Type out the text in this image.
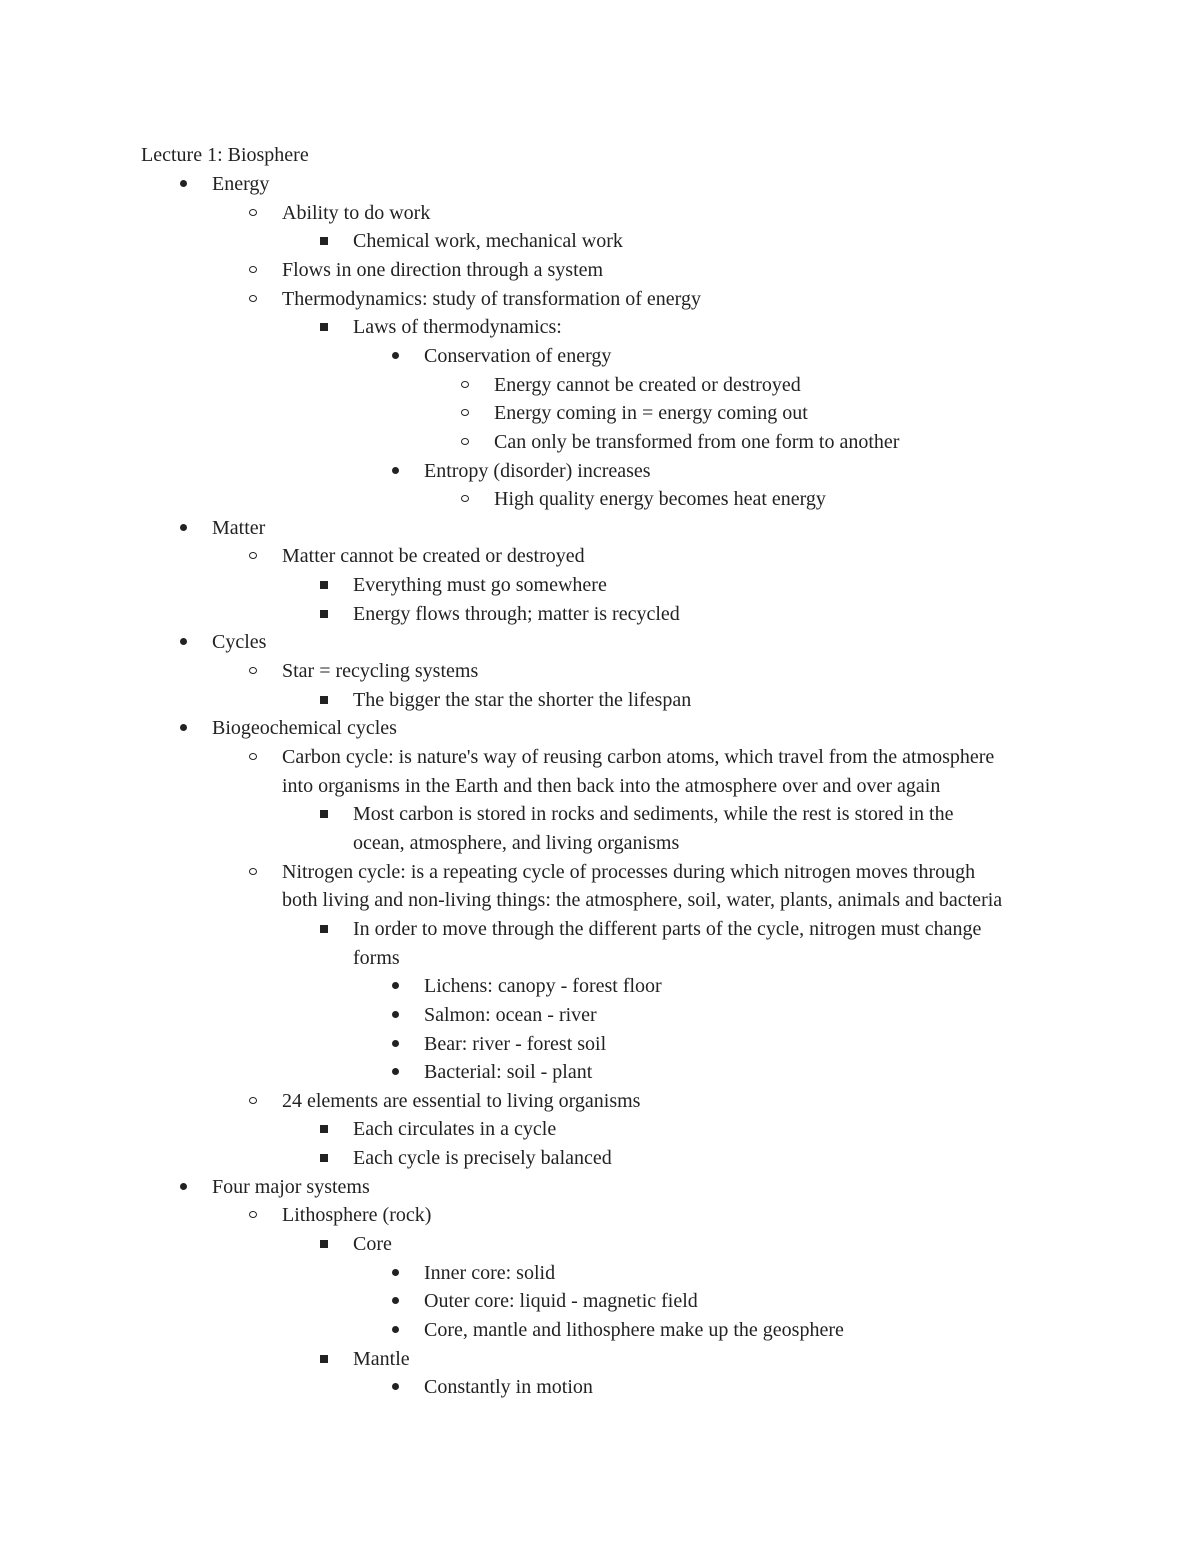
Lecture 1: Biosphere
Energy
Ability to do work
Chemical work, mechanical work
Flows in one direction through a system
Thermodynamics: study of transformation of energy
Laws of thermodynamics:
Conservation of energy
Energy cannot be created or destroyed
Energy coming in = energy coming out
Can only be transformed from one form to another
Entropy (disorder) increases
High quality energy becomes heat energy
Matter
Matter cannot be created or destroyed
Everything must go somewhere
Energy flows through; matter is recycled
Cycles
Star = recycling systems
The bigger the star the shorter the lifespan
Biogeochemical cycles
Carbon cycle: is nature's way of reusing carbon atoms, which travel from the atmosphere
into organisms in the Earth and then back into the atmosphere over and over again
Most carbon is stored in rocks and sediments, while the rest is stored in the
ocean, atmosphere, and living organisms
Nitrogen cycle: is a repeating cycle of processes during which nitrogen moves through
both living and non-living things: the atmosphere, soil, water, plants, animals and bacteria
In order to move through the different parts of the cycle, nitrogen must change
forms
Lichens: canopy - forest floor
Salmon: ocean - river
Bear: river - forest soil
Bacterial: soil - plant
24 elements are essential to living organisms
Each circulates in a cycle
Each cycle is precisely balanced
Four major systems
Lithosphere (rock)
Core
Inner core: solid
Outer core: liquid - magnetic field
Core, mantle and lithosphere make up the geosphere
Mantle
Constantly in motion
